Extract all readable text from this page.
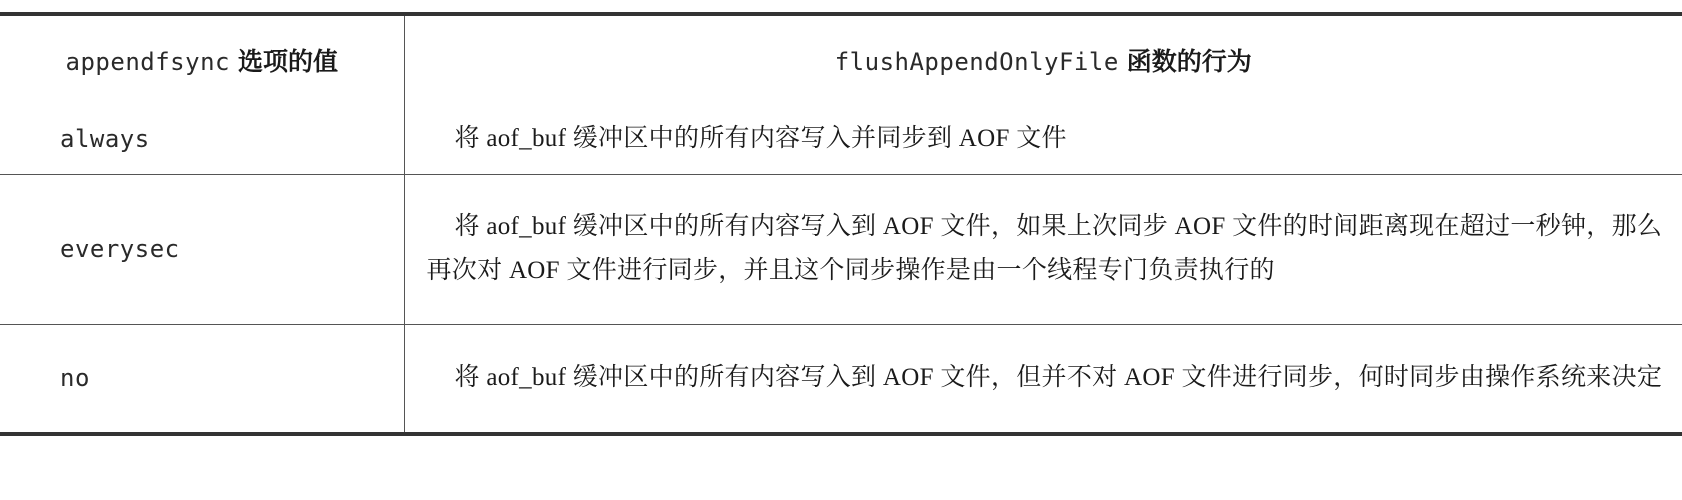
appendfsync 选项的值	flushAppendOnlyFile 函数的行为
always	将 aof_buf 缓冲区中的所有内容写入并同步到 AOF 文件

everysec	将 aof_buf 缓冲区中的所有内容写入到 AOF 文件，如果上次同步 AOF 文件的时间距离现在超过一秒钟，那么再次对 AOF 文件进行同步，并且这个同步操作是由一个线程专门负责执行的

no	将 aof_buf 缓冲区中的所有内容写入到 AOF 文件，但并不对 AOF 文件进行同步，何时同步由操作系统来决定
